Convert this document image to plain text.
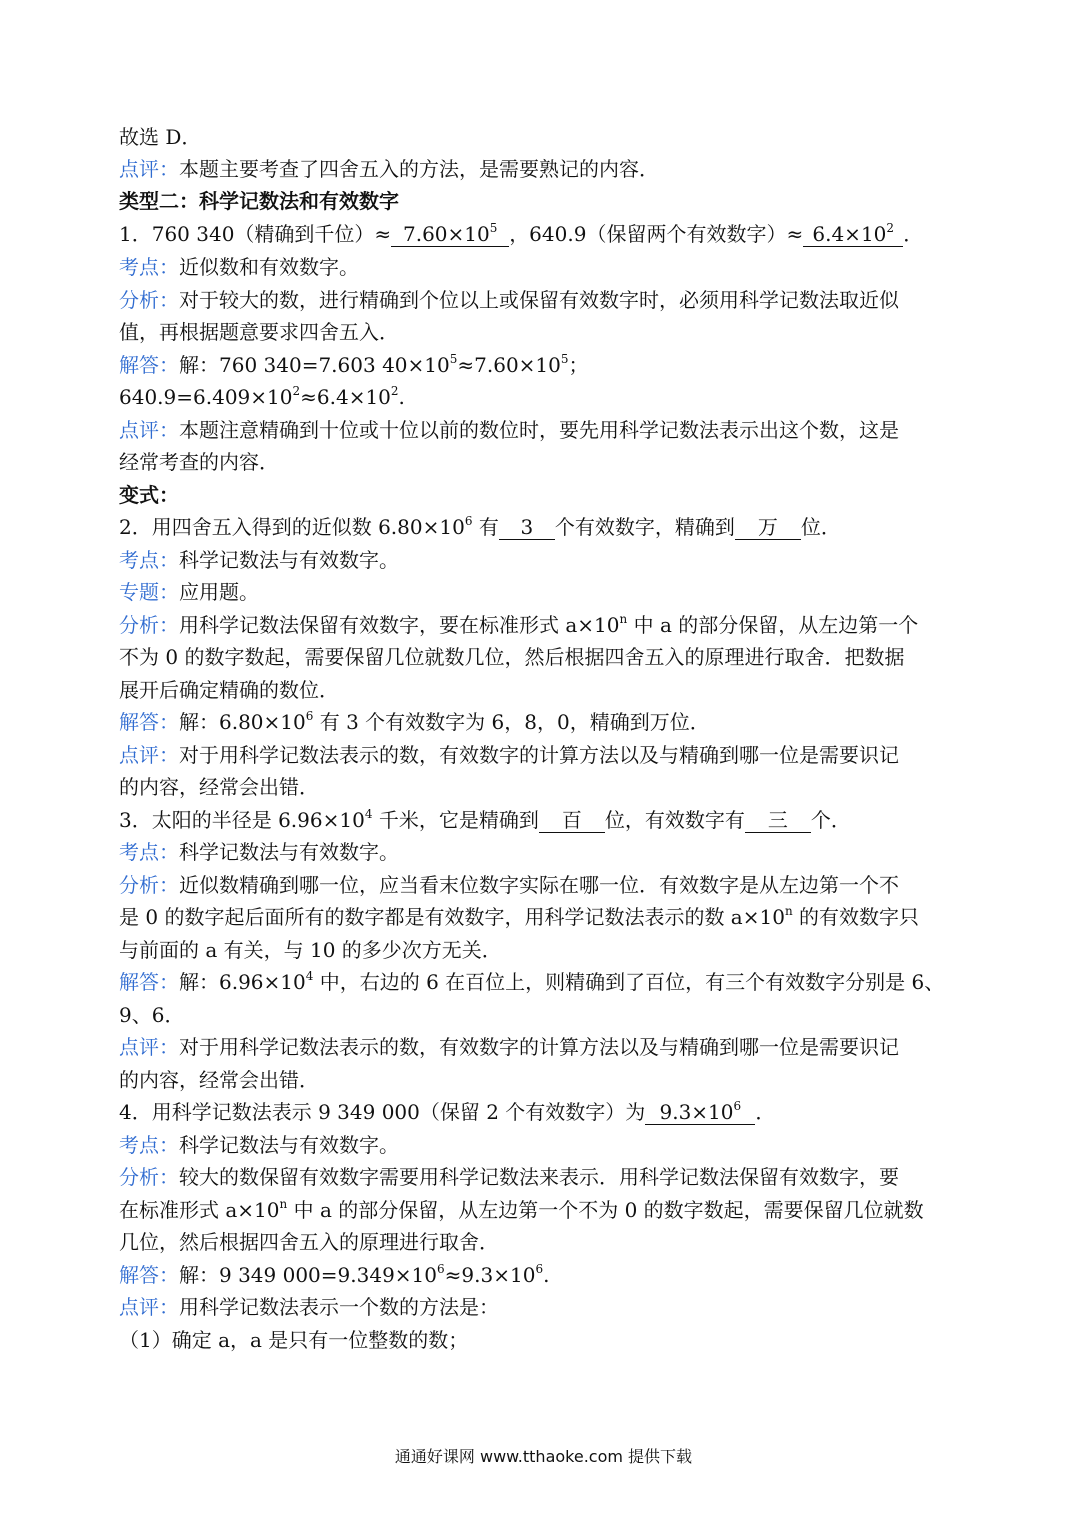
故选 D．
点评：本题主要考查了四舍五入的方法，是需要熟记的内容．
类型二：科学记数法和有效数字
1．760 340（精确到千位）≈ $7.60\times 10^5$ ，640.9（保留两个有效数字）≈ $6.4\times 10^2$ ．
考点：近似数和有效数字。
分析：对于较大的数，进行精确到个位以上或保留有效数字时，必须用科学记数法取近似
值，再根据题意要求四舍五入．
解答：解：760 340=7.603 $40\times 10^5\approx 7.60\times 10^5$；
$640.9=6.409\times 10^2\approx 6.4\times 10^2$.
点评：本题注意精确到十位或十位以前的数位时，要先用科学记数法表示出这个数，这是
经常考查的内容．
变式：
2．用四舍五入得到的近似数 $6.80\times 10^6$ 有 3 个有效数字，精确到 万 位．
考点：科学记数法与有效数字。
专题：应用题。
分析：用科学记数法保留有效数字，要在标准形式 $a\times 10^n$ 中 a 的部分保留，从左边第一个
不为 0 的数字数起，需要保留几位就数几位，然后根据四舍五入的原理进行取舍．把数据
展开后确定精确的数位．
解答：解：$6.80\times 10^6$ 有 3 个有效数字为 6，8，0，精确到万位．
点评：对于用科学记数法表示的数，有效数字的计算方法以及与精确到哪一位是需要识记
的内容，经常会出错．
3．太阳的半径是 $6.96\times 10^4$ 千米，它是精确到 百 位，有效数字有 三 个．
考点：科学记数法与有效数字。
分析：近似数精确到哪一位，应当看末位数字实际在哪一位．有效数字是从左边第一个不
是 0 的数字起后面所有的数字都是有效数字，用科学记数法表示的数 $a\times 10^n$ 的有效数字只
与前面的 a 有关，与 10 的多少次方无关．
解答：解：$6.96\times 10^4$ 中，右边的 6 在百位上，则精确到了百位，有三个有效数字分别是 6、
9、6．
点评：对于用科学记数法表示的数，有效数字的计算方法以及与精确到哪一位是需要识记
的内容，经常会出错．
4．用科学记数法表示 9 349 000（保留 2 个有效数字）为 $9.3\times 10^6$ ．
考点：科学记数法与有效数字。
分析：较大的数保留有效数字需要用科学记数法来表示．用科学记数法保留有效数字，要
在标准形式 $a\times 10^n$ 中 a 的部分保留，从左边第一个不为 0 的数字数起，需要保留几位就数
几位，然后根据四舍五入的原理进行取舍．
解答：解：9 349 $000=9.349\times 10^6\approx 9.3\times 10^6$.
点评：用科学记数法表示一个数的方法是：
（1）确定 a，a 是只有一位整数的数；
通通好课网 www.tthaoke.com 提供下载
